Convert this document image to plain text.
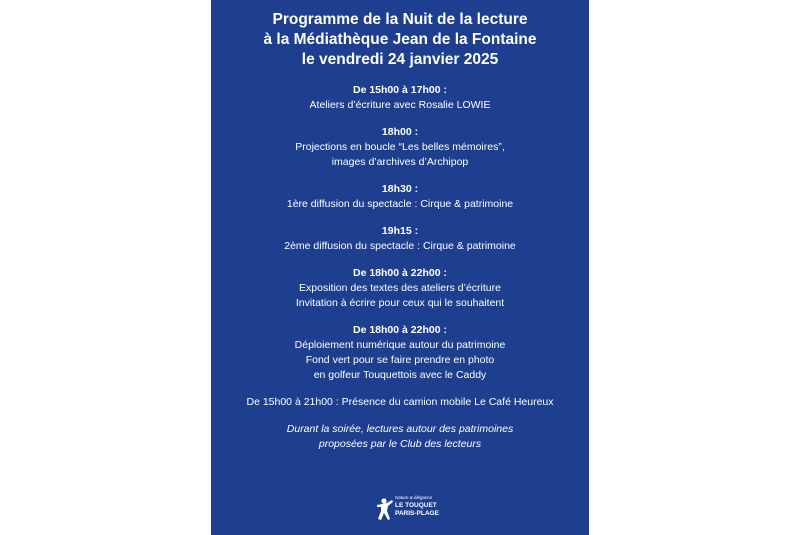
Programme de la Nuit de la lecture
à la Médiathèque Jean de la Fontaine
le vendredi 24 janvier 2025
De 15h00 à 17h00 :
Ateliers d’écriture avec Rosalie LOWIE
18h00 :
Projections en boucle “Les belles mémoires”,
images d’archives d’Archipop
18h30 :
1ère diffusion du spectacle : Cirque & patrimoine
19h15 :
2ème diffusion du spectacle : Cirque & patrimoine
De 18h00 à 22h00 :
Exposition des textes des ateliers d’écriture
Invitation à écrire pour ceux qui le souhaitent
De 18h00 à 22h00 :
Déploiement numérique autour du patrimoine
Fond vert pour se faire prendre en photo
en golfeur Touquettois avec le Caddy
De 15h00 à 21h00 : Présence du camion mobile Le Café Heureux
Durant la soirée, lectures autour des patrimoines
proposées par le Club des lecteurs
Nature & élégance
LE TOUQUET
PARIS-PLAGE
